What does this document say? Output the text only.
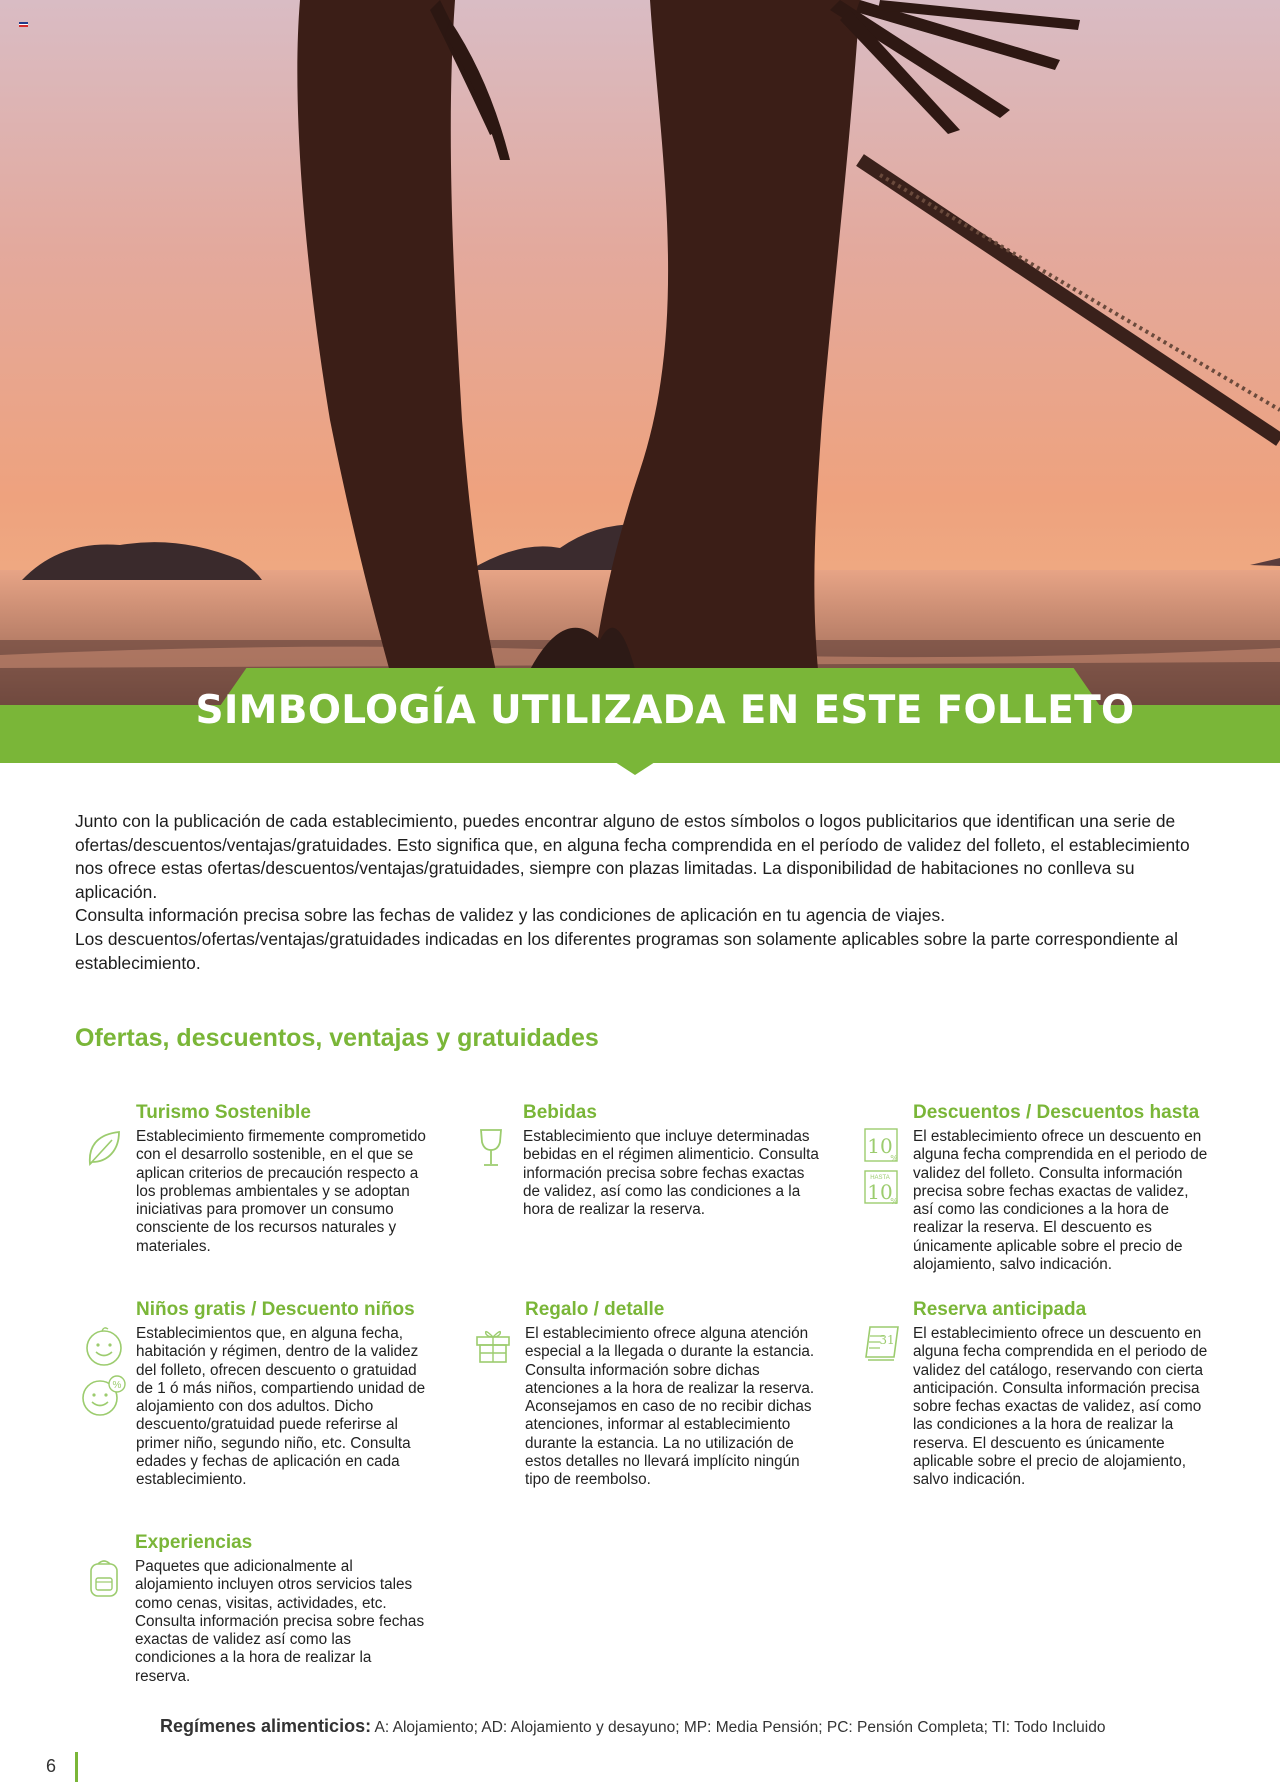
SIMBOLOGÍA UTILIZADA EN ESTE FOLLETO

Junto con la publicación de cada establecimiento, puedes encontrar alguno de estos símbolos o logos publicitarios que identifican una serie de ofertas/descuentos/ventajas/gratuidades. Esto significa que, en alguna fecha comprendida en el período de validez del folleto, el establecimiento nos ofrece estas ofertas/descuentos/ventajas/gratuidades, siempre con plazas limitadas. La disponibilidad de habitaciones no conlleva su aplicación.

Consulta información precisa sobre las fechas de validez y las condiciones de aplicación en tu agencia de viajes.

Los descuentos/ofertas/ventajas/gratuidades indicadas en los diferentes programas son solamente aplicables sobre la parte correspondiente al establecimiento.

Ofertas, descuentos, ventajas y gratuidades
Turismo Sostenible

Establecimiento firmemente comprometido con el desarrollo sostenible, en el que se aplican criterios de precaución respecto a los problemas ambientales y se adoptan iniciativas para promover un consumo consciente de los recursos naturales y materiales.

Bebidas

Establecimiento que incluye determinadas bebidas en el régimen alimenticio. Consulta información precisa sobre fechas exactas de validez, así como las condiciones a la hora de realizar la reserva.

10
%
HASTA
10
%
Descuentos / Descuentos hasta

El establecimiento ofrece un descuento en alguna fecha comprendida en el periodo de validez del folleto. Consulta información precisa sobre fechas exactas de validez, así como las condiciones a la hora de realizar la reserva. El descuento es únicamente aplicable sobre el precio de alojamiento, salvo indicación.

%
Niños gratis / Descuento niños

Establecimientos que, en alguna fecha, habitación y régimen, dentro de la validez del folleto, ofrecen descuento o gratuidad de 1 ó más niños, compartiendo unidad de alojamiento con dos adultos. Dicho descuento/gratuidad puede referirse al primer niño, segundo niño, etc. Consulta edades y fechas de aplicación en cada establecimiento.

Regalo / detalle

El establecimiento ofrece alguna atención especial a la llegada o durante la estancia. Consulta información sobre dichas atenciones a la hora de realizar la reserva. Aconsejamos en caso de no recibir dichas atenciones, informar al establecimiento durante la estancia. La no utilización de estos detalles no llevará implícito ningún tipo de reembolso.

31
Reserva anticipada

El establecimiento ofrece un descuento en alguna fecha comprendida en el periodo de validez del catálogo, reservando con cierta anticipación. Consulta información precisa sobre fechas exactas de validez, así como las condiciones a la hora de realizar la reserva. El descuento es únicamente aplicable sobre el precio de alojamiento, salvo indicación.

Experiencias

Paquetes que adicionalmente al alojamiento incluyen otros servicios tales como cenas, visitas, actividades, etc. Consulta información precisa sobre fechas exactas de validez así como las condiciones a la hora de realizar la reserva.

Regímenes alimenticios: A: Alojamiento; AD: Alojamiento y desayuno; MP: Media Pensión; PC: Pensión Completa; TI: Todo Incluido
6
